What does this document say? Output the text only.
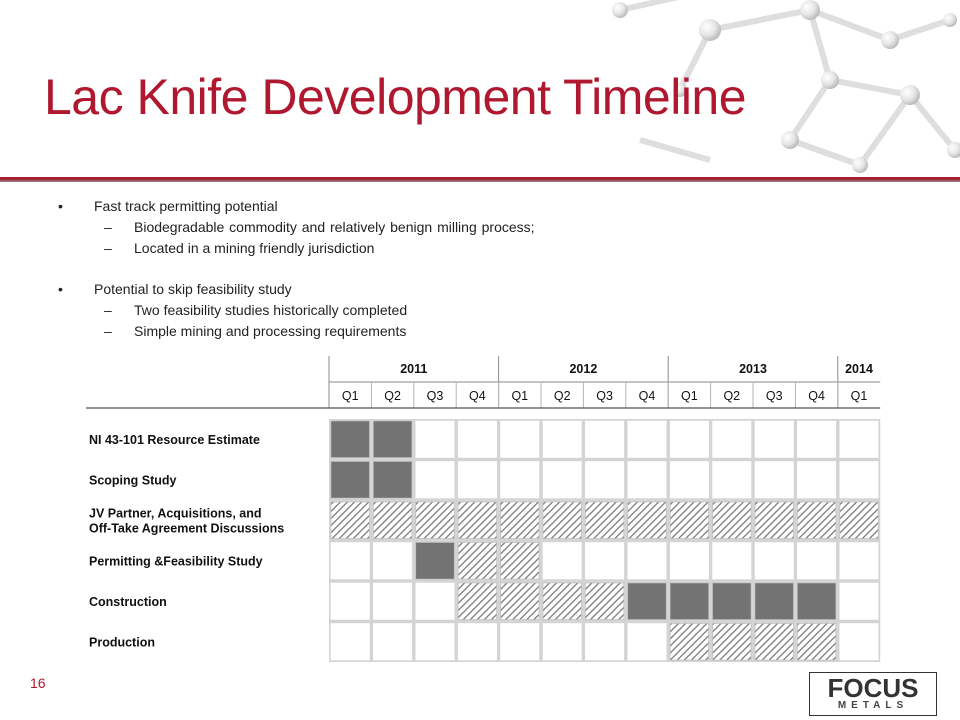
Lac Knife Development Timeline
• Fast track permitting potential
– Biodegradable commodity and relatively benign milling process;
– Located in a mining friendly jurisdiction
• Potential to skip feasibility study
– Two feasibility studies historically completed
– Simple mining and processing requirements
2011	2012	2013	2014
Q1 Q2 Q3 Q4 Q1 Q2 Q3 Q4 Q1 Q2 Q3 Q4 Q1
NI 43-101 Resource Estimate
Scoping Study
JV Partner, Acquisitions, and
Off-Take Agreement Discussions
Permitting &Feasibility Study
Construction
Production
16	FOCUS
METALS
